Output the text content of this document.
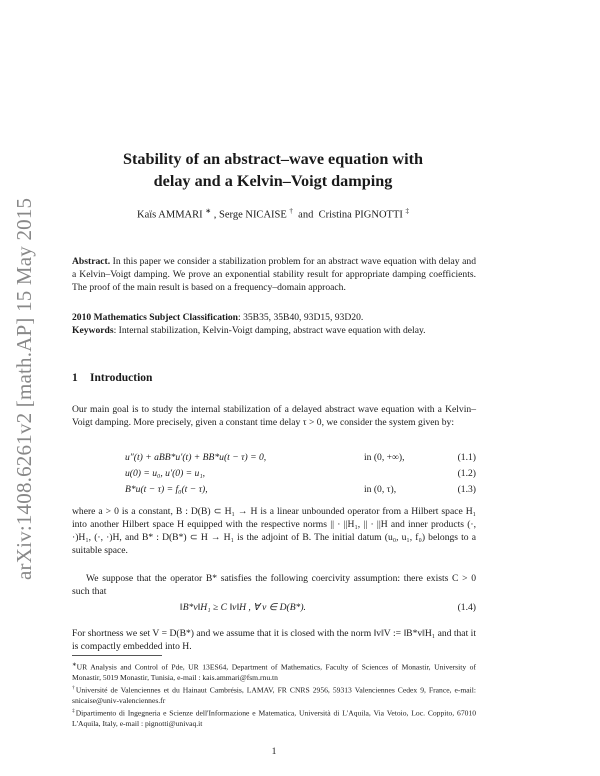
arXiv:1408.6261v2 [math.AP] 15 May 2015
Stability of an abstract–wave equation with
delay and a Kelvin–Voigt damping
Kaïs AMMARI ∗ , Serge NICAISE † and Cristina PIGNOTTI ‡
Abstract. In this paper we consider a stabilization problem for an abstract wave equation with delay and a Kelvin–Voigt damping. We prove an exponential stability result for appropriate damping coefficients. The proof of the main result is based on a frequency–domain approach.
2010 Mathematics Subject Classification: 35B35, 35B40, 93D15, 93D20.
Keywords: Internal stabilization, Kelvin-Voigt damping, abstract wave equation with delay.
1 Introduction
Our main goal is to study the internal stabilization of a delayed abstract wave equation with a Kelvin–Voigt damping. More precisely, given a constant time delay τ > 0, we consider the system given by:
u″(t) + aBB*u′(t) + BB*u(t − τ) = 0,	in (0, +∞),	(1.1)
u(0) = u₀, u′(0) = u₁,	(1.2)
B*u(t − τ) = f₀(t − τ),	in (0, τ),	(1.3)
where a > 0 is a constant, B : D(B) ⊂ H₁ → H is a linear unbounded operator from a Hilbert space H₁ into another Hilbert space H equipped with the respective norms || · ||H₁, || · ||H and inner products (·, ·)H₁, (·, ·)H, and B* : D(B*) ⊂ H → H₁ is the adjoint of B. The initial datum (u₀, u₁, f₀) belongs to a suitable space.
We suppose that the operator B* satisfies the following coercivity assumption: there exists C > 0 such that
‖B*v‖H₁ ≥ C ‖v‖H , ∀ v ∈ D(B*).	(1.4)
For shortness we set V = D(B*) and we assume that it is closed with the norm ‖v‖V := ‖B*v‖H₁ and that it is compactly embedded into H.
∗UR Analysis and Control of Pde, UR 13ES64, Department of Mathematics, Faculty of Sciences of Monastir, University of Monastir, 5019 Monastir, Tunisia, e-mail : kais.ammari@fsm.rnu.tn
†Université de Valenciennes et du Hainaut Cambrésis, LAMAV, FR CNRS 2956, 59313 Valenciennes Cedex 9, France, e-mail: snicaise@univ-valenciennes.fr
‡Dipartimento di Ingegneria e Scienze dell'Informazione e Matematica, Università di L'Aquila, Via Vetoio, Loc. Coppito, 67010 L'Aquila, Italy, e-mail : pignotti@univaq.it
1
